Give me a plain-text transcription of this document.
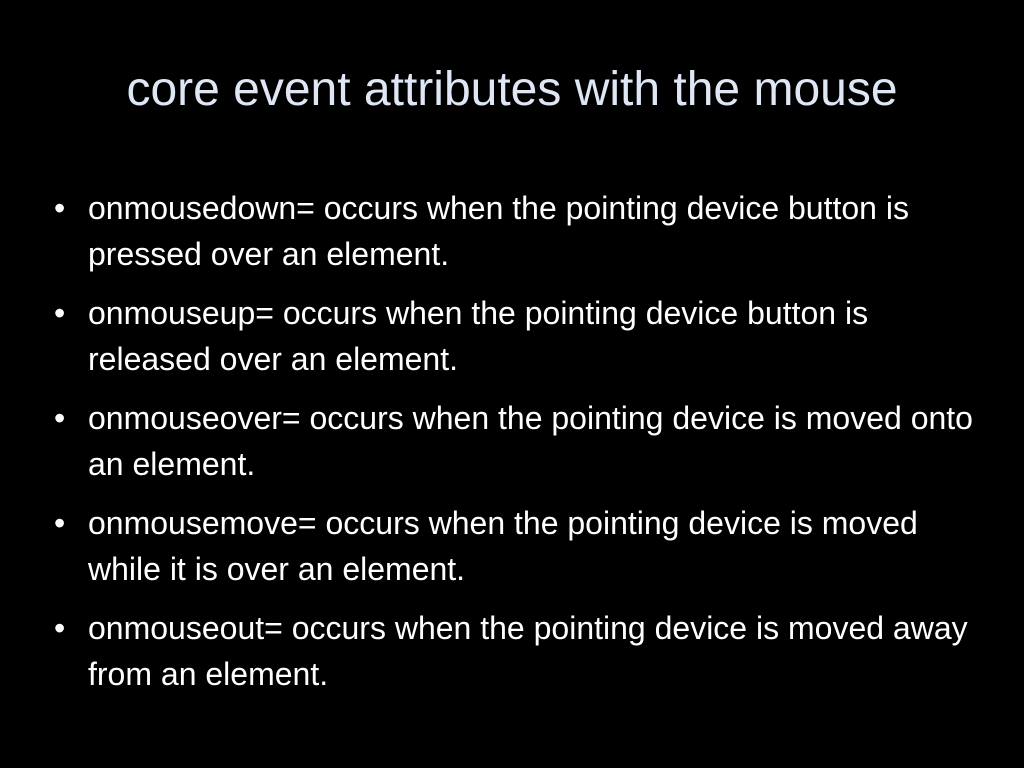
core event attributes with the mouse
• onmousedown= occurs when the pointing device button is pressed over an element.
• onmouseup= occurs when the pointing device button is released over an element.
• onmouseover= occurs when the pointing device is moved onto an element.
• onmousemove= occurs when the pointing device is moved while it is over an element.
• onmouseout= occurs when the pointing device is moved away from an element.
